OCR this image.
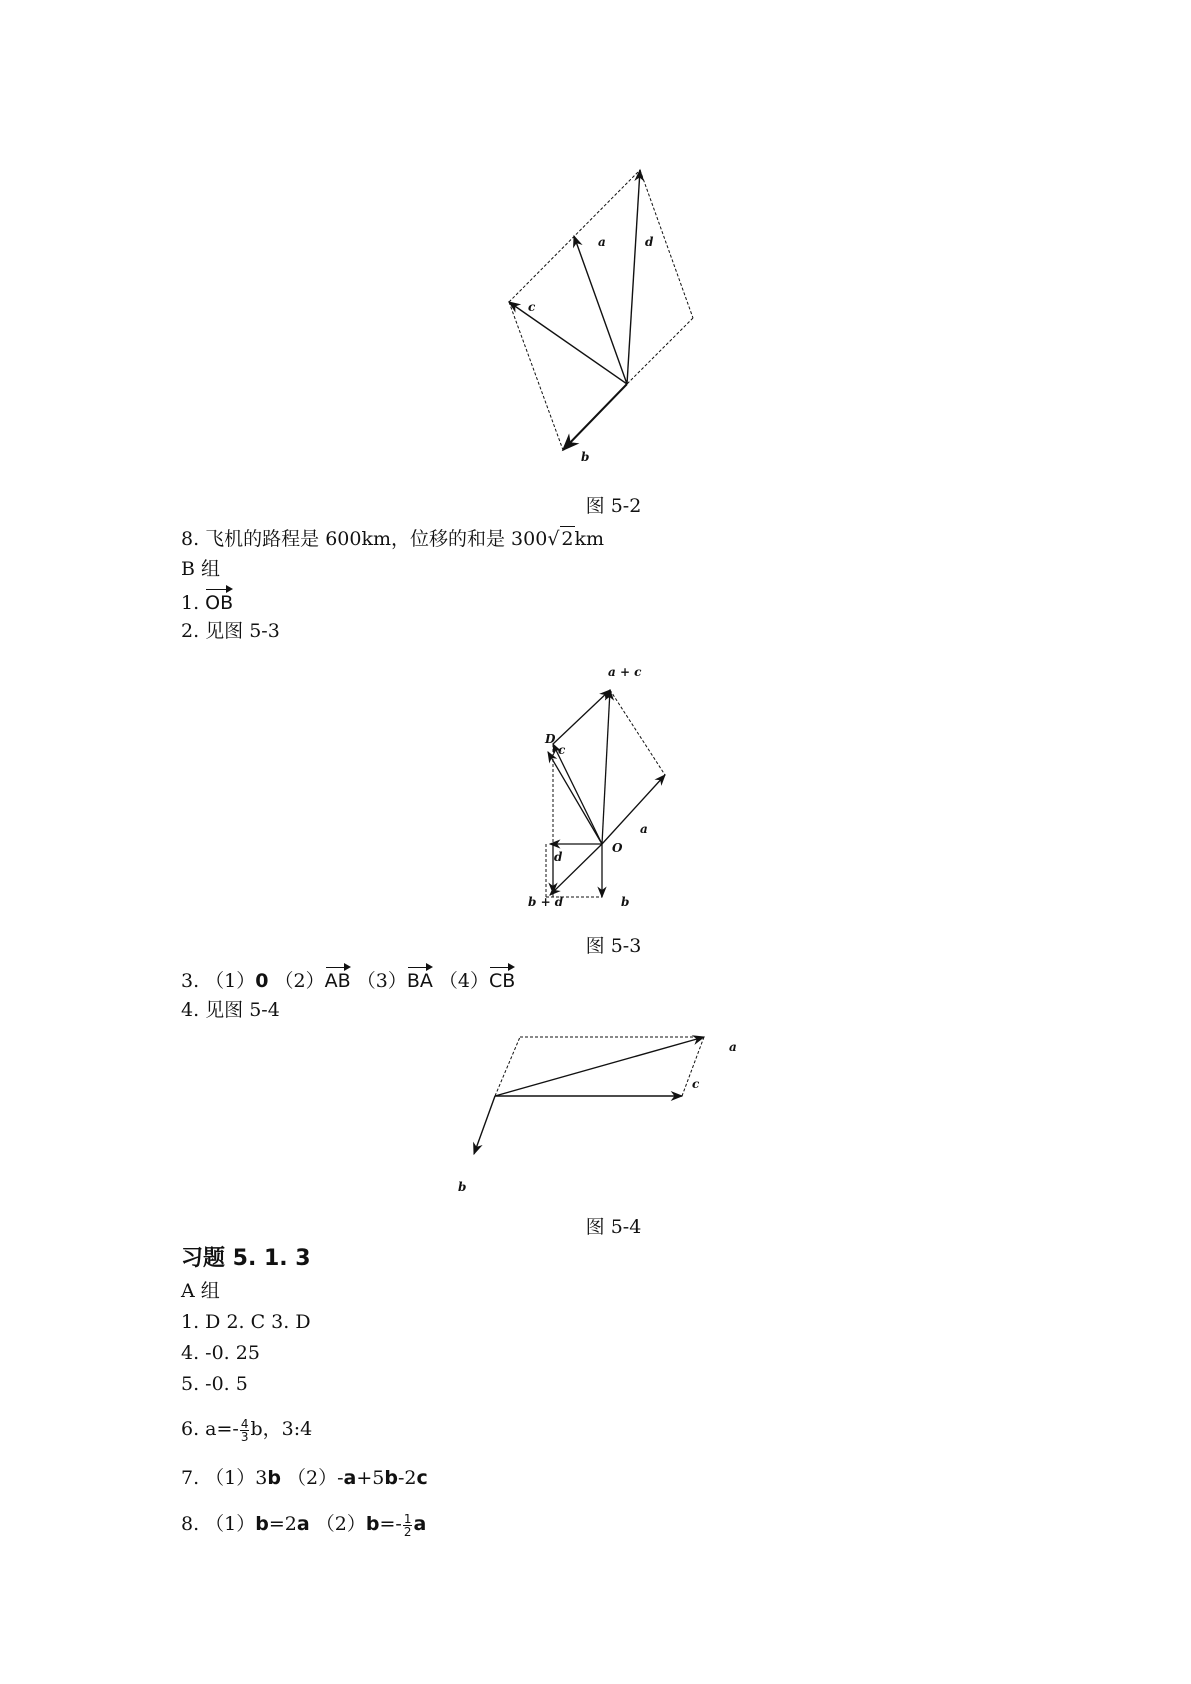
a	d
c
b
图 5-2
8. 飞机的路程是 600km，位移的和是 300√ 2km
B 组
1. OB
2. 见图 5-3
a + c
D
c
a
O
d
b + d	b
图 5-3
3. （1）0 （2）AB （3）BA （4）CB
4. 见图 5-4
a
c
b
图 5-4
习题 5. 1. 3
A 组
1. D 2. C 3. D
4. -0. 25
5. -0. 5
6. $a=- \frac{4}{3}$ b，3:4
7. （1）3b （2）-a+5b-2c
8. （1）b=2a $(2)b=- \frac{1}{2}$ a
